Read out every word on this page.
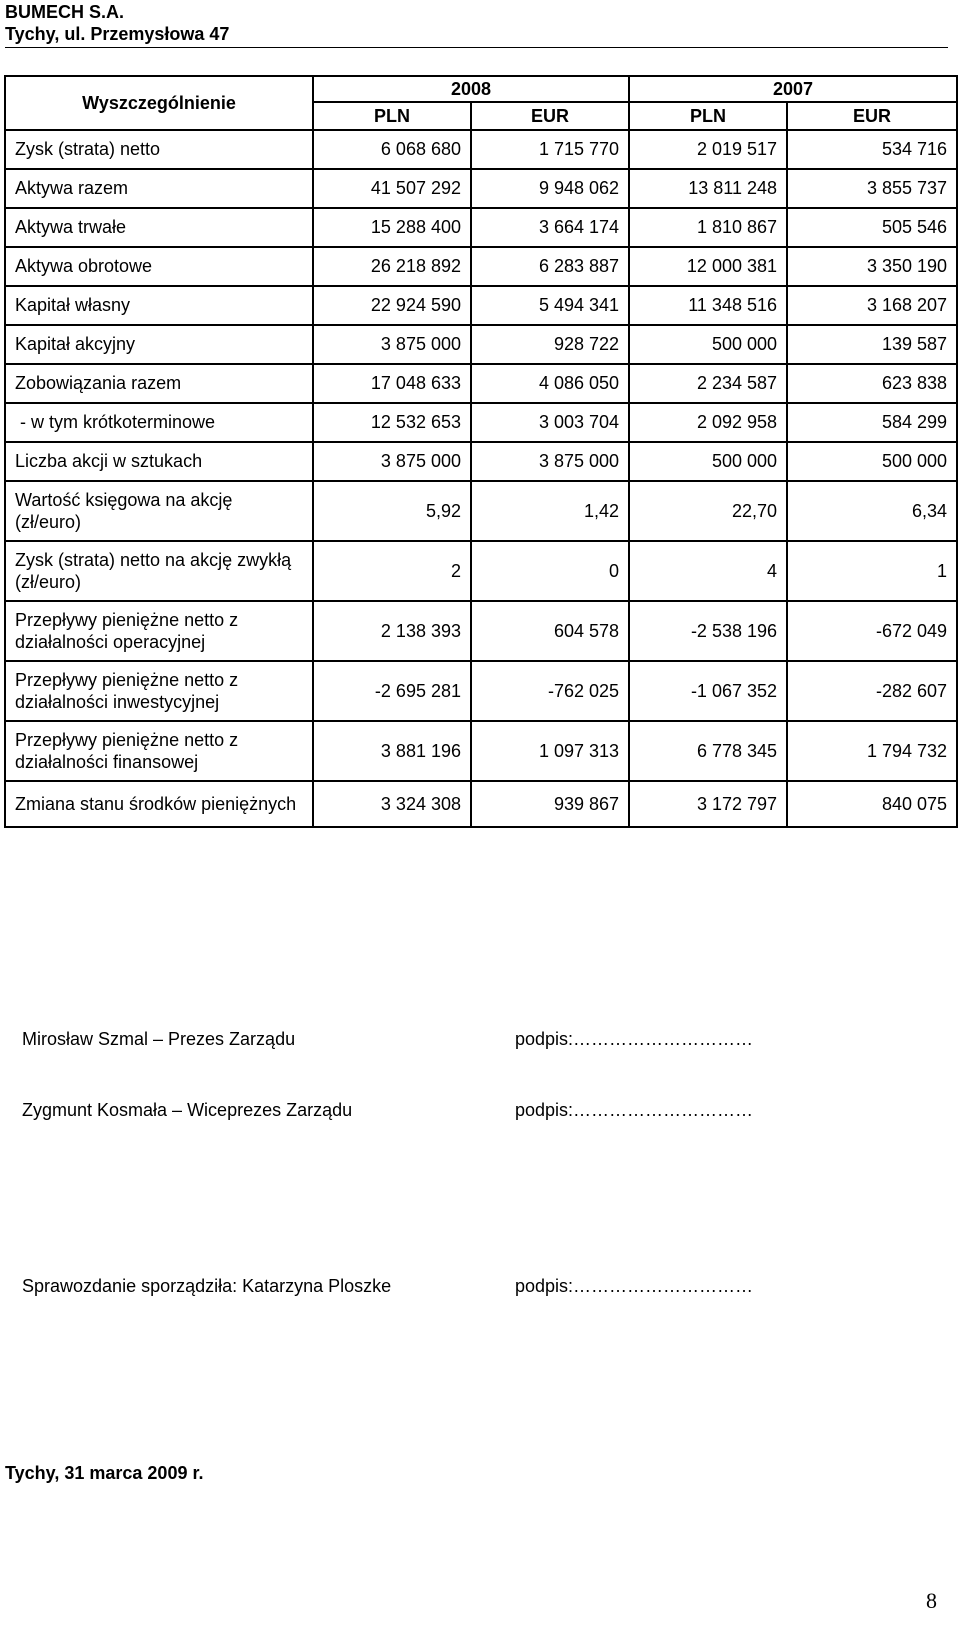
BUMECH S.A.
Tychy, ul. Przemysłowa 47
Wyszczególnienie	2008		2007	
	PLN	EUR	PLN	EUR
Zysk (strata) netto	6 068 680	1 715 770	2 019 517	534 716
Aktywa razem	41 507 292	9 948 062	13 811 248	3 855 737
Aktywa trwałe	15 288 400	3 664 174	1 810 867	505 546
Aktywa obrotowe	26 218 892	6 283 887	12 000 381	3 350 190
Kapitał własny	22 924 590	5 494 341	11 348 516	3 168 207
Kapitał akcyjny	3 875 000	928 722	500 000	139 587
Zobowiązania razem	17 048 633	4 086 050	2 234 587	623 838
- w tym krótkoterminowe	12 532 653	3 003 704	2 092 958	584 299
Liczba akcji w sztukach	3 875 000	3 875 000	500 000	500 000
Wartość księgowa na akcję (zł/euro)	5,92	1,42	22,70	6,34
Zysk (strata) netto na akcję zwykłą (zł/euro)	2	0	4	1
Przepływy pieniężne netto z działalności operacyjnej	2 138 393	604 578	-2 538 196	-672 049
Przepływy pieniężne netto z działalności inwestycyjnej	-2 695 281	-762 025	-1 067 352	-282 607
Przepływy pieniężne netto z działalności finansowej	3 881 196	1 097 313	6 778 345	1 794 732
Zmiana stanu środków pieniężnych	3 324 308	939 867	3 172 797	840 075
Mirosław Szmal – Prezes Zarządu	podpis:…………………………
Zygmunt Kosmała – Wiceprezes Zarządu	podpis:…………………………
Sprawozdanie sporządziła: Katarzyna Ploszke	podpis:…………………………
Tychy, 31 marca 2009 r.
8
